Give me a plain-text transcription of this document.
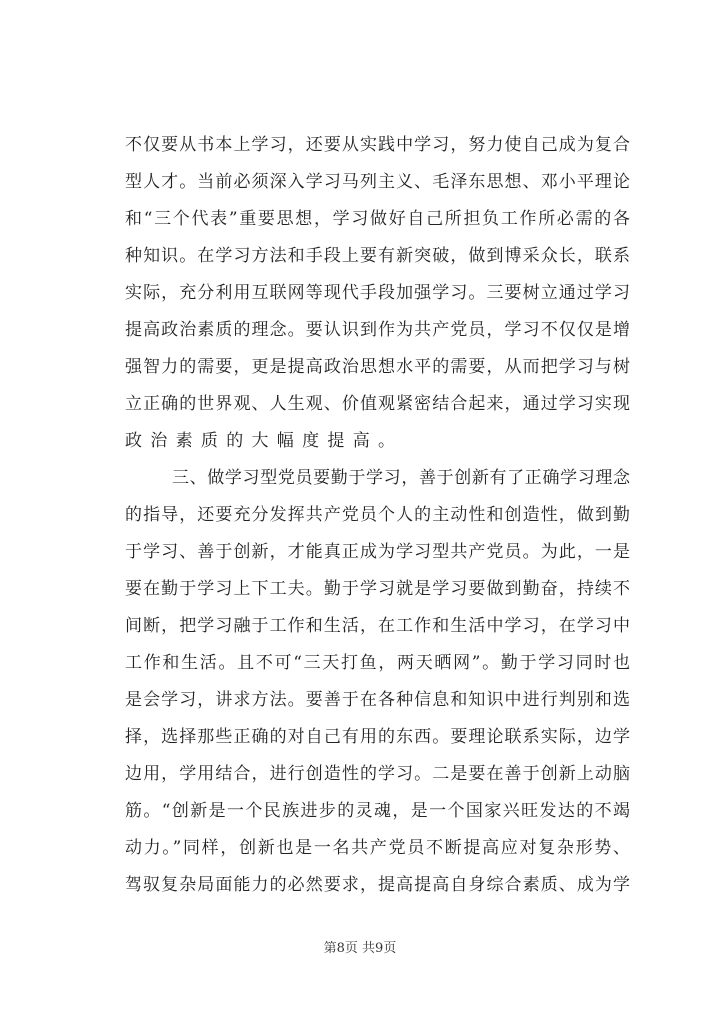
不仅要从书本上学习，还要从实践中学习，努力使自己成为复合
型人才。当前必须深入学习马列主义、毛泽东思想、邓小平理论
和“三个代表”重要思想，学习做好自己所担负工作所必需的各
种知识。在学习方法和手段上要有新突破，做到博采众长，联系
实际，充分利用互联网等现代手段加强学习。三要树立通过学习
提高政治素质的理念。要认识到作为共产党员，学习不仅仅是增
强智力的需要，更是提高政治思想水平的需要，从而把学习与树
立正确的世界观、人生观、价值观紧密结合起来，通过学习实现
政治素质的大幅度提高。
三、做学习型党员要勤于学习，善于创新有了正确学习理念
的指导，还要充分发挥共产党员个人的主动性和创造性，做到勤
于学习、善于创新，才能真正成为学习型共产党员。为此，一是
要在勤于学习上下工夫。勤于学习就是学习要做到勤奋，持续不
间断，把学习融于工作和生活，在工作和生活中学习，在学习中
工作和生活。且不可“三天打鱼，两天晒网”。勤于学习同时也
是会学习，讲求方法。要善于在各种信息和知识中进行判别和选
择，选择那些正确的对自己有用的东西。要理论联系实际，边学
边用，学用结合，进行创造性的学习。二是要在善于创新上动脑
筋。“创新是一个民族进步的灵魂，是一个国家兴旺发达的不竭
动力。”同样，创新也是一名共产党员不断提高应对复杂形势、
驾驭复杂局面能力的必然要求，提高提高自身综合素质、成为学
第8页 共9页
